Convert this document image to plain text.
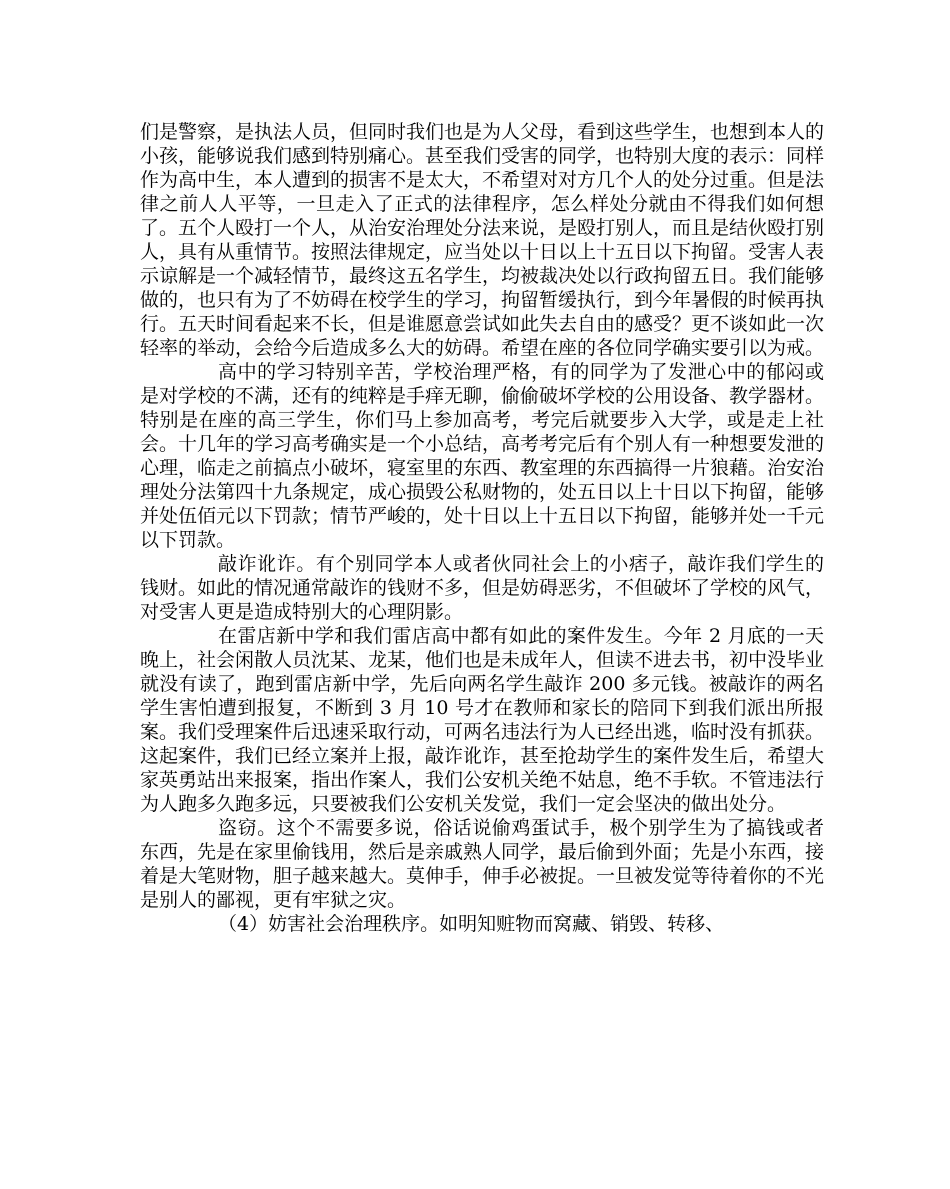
们是警察，是执法人员，但同时我们也是为人父母，看到这些学生，也想到本人的小孩，能够说我们感到特别痛心。甚至我们受害的同学，也特别大度的表示：同样作为高中生，本人遭到的损害不是太大，不希望对对方几个人的处分过重。但是法律之前人人平等，一旦走入了正式的法律程序，怎么样处分就由不得我们如何想了。五个人殴打一个人，从治安治理处分法来说，是殴打别人，而且是结伙殴打别人，具有从重情节。按照法律规定，应当处以十日以上十五日以下拘留。受害人表示谅解是一个减轻情节，最终这五名学生，均被裁决处以行政拘留五日。我们能够做的，也只有为了不妨碍在校学生的学习，拘留暂缓执行，到今年暑假的时候再执行。五天时间看起来不长，但是谁愿意尝试如此失去自由的感受？更不谈如此一次轻率的举动，会给今后造成多么大的妨碍。希望在座的各位同学确实要引以为戒。

高中的学习特别辛苦，学校治理严格，有的同学为了发泄心中的郁闷或是对学校的不满，还有的纯粹是手痒无聊，偷偷破坏学校的公用设备、教学器材。特别是在座的高三学生，你们马上参加高考，考完后就要步入大学，或是走上社会。十几年的学习高考确实是一个小总结，高考考完后有个别人有一种想要发泄的心理，临走之前搞点小破坏，寝室里的东西、教室理的东西搞得一片狼藉。治安治理处分法第四十九条规定，成心损毁公私财物的，处五日以上十日以下拘留，能够并处伍佰元以下罚款；情节严峻的，处十日以上十五日以下拘留，能够并处一千元以下罚款。

敲诈讹诈。有个别同学本人或者伙同社会上的小痞子，敲诈我们学生的钱财。如此的情况通常敲诈的钱财不多，但是妨碍恶劣，不但破坏了学校的风气，对受害人更是造成特别大的心理阴影。

在雷店新中学和我们雷店高中都有如此的案件发生。今年 2 月底的一天晚上，社会闲散人员沈某、龙某，他们也是未成年人，但读不进去书，初中没毕业就没有读了，跑到雷店新中学，先后向两名学生敲诈 200 多元钱。被敲诈的两名学生害怕遭到报复，不断到 3 月 10 号才在教师和家长的陪同下到我们派出所报案。我们受理案件后迅速采取行动，可两名违法行为人已经出逃，临时没有抓获。这起案件，我们已经立案并上报，敲诈讹诈，甚至抢劫学生的案件发生后，希望大家英勇站出来报案，指出作案人，我们公安机关绝不姑息，绝不手软。不管违法行为人跑多久跑多远，只要被我们公安机关发觉，我们一定会坚决的做出处分。

盗窃。这个不需要多说，俗话说偷鸡蛋试手，极个别学生为了搞钱或者东西，先是在家里偷钱用，然后是亲戚熟人同学，最后偷到外面；先是小东西，接着是大笔财物，胆子越来越大。莫伸手，伸手必被捉。一旦被发觉等待着你的不光是别人的鄙视，更有牢狱之灾。

（4）妨害社会治理秩序。如明知赃物而窝藏、销毁、转移、
